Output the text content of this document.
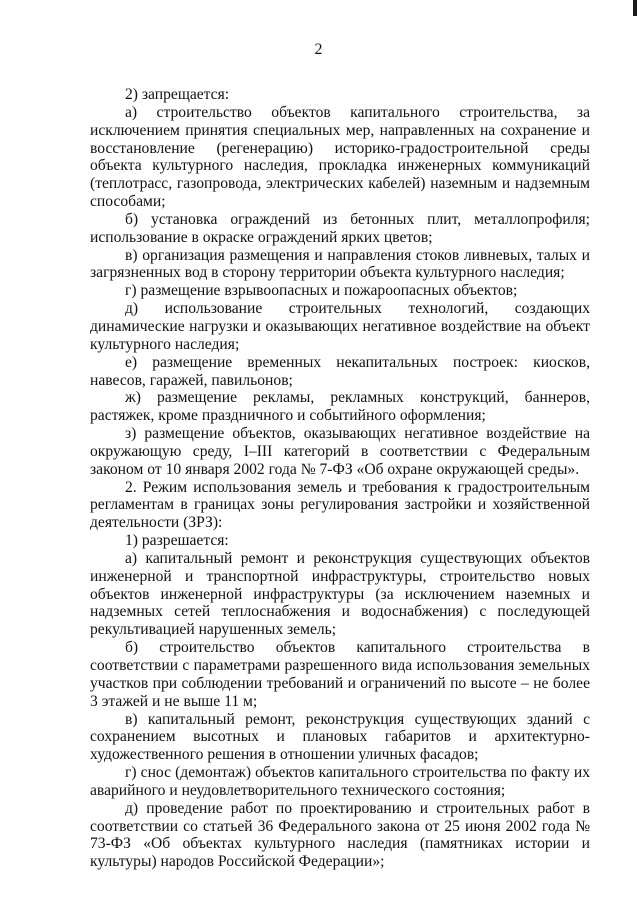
2

2) запрещается:

а) строительство объектов капитального строительства, за исключением принятия специальных мер, направленных на сохранение и восстановление (регенерацию) историко-градостроительной среды объекта культурного наследия, прокладка инженерных коммуникаций (теплотрасс, газопровода, электрических кабелей) наземным и надземным способами;

б) установка ограждений из бетонных плит, металлопрофиля; использование в окраске ограждений ярких цветов;

в) организация размещения и направления стоков ливневых, талых и загрязненных вод в сторону территории объекта культурного наследия;

г) размещение взрывоопасных и пожароопасных объектов;

д) использование строительных технологий, создающих динамические нагрузки и оказывающих негативное воздействие на объект культурного наследия;

е) размещение временных некапитальных построек: киосков, навесов, гаражей, павильонов;

ж) размещение рекламы, рекламных конструкций, баннеров, растяжек, кроме праздничного и событийного оформления;

з) размещение объектов, оказывающих негативное воздействие на окружающую среду, I–III категорий в соответствии с Федеральным законом от 10 января 2002 года № 7-ФЗ «Об охране окружающей среды».

2. Режим использования земель и требования к градостроительным регламентам в границах зоны регулирования застройки и хозяйственной деятельности (ЗРЗ):

1) разрешается:

а) капитальный ремонт и реконструкция существующих объектов инженерной и транспортной инфраструктуры, строительство новых объектов инженерной инфраструктуры (за исключением наземных и надземных сетей теплоснабжения и водоснабжения) с последующей рекультивацией нарушенных земель;

б) строительство объектов капитального строительства в соответствии с параметрами разрешенного вида использования земельных участков при соблюдении требований и ограничений по высоте – не более 3 этажей и не выше 11 м;

в) капитальный ремонт, реконструкция существующих зданий с сохранением высотных и плановых габаритов и архитектурно-художественного решения в отношении уличных фасадов;

г) снос (демонтаж) объектов капитального строительства по факту их аварийного и неудовлетворительного технического состояния;

д) проведение работ по проектированию и строительных работ в соответствии со статьей 36 Федерального закона от 25 июня 2002 года № 73-ФЗ «Об объектах культурного наследия (памятниках истории и культуры) народов Российской Федерации»;
